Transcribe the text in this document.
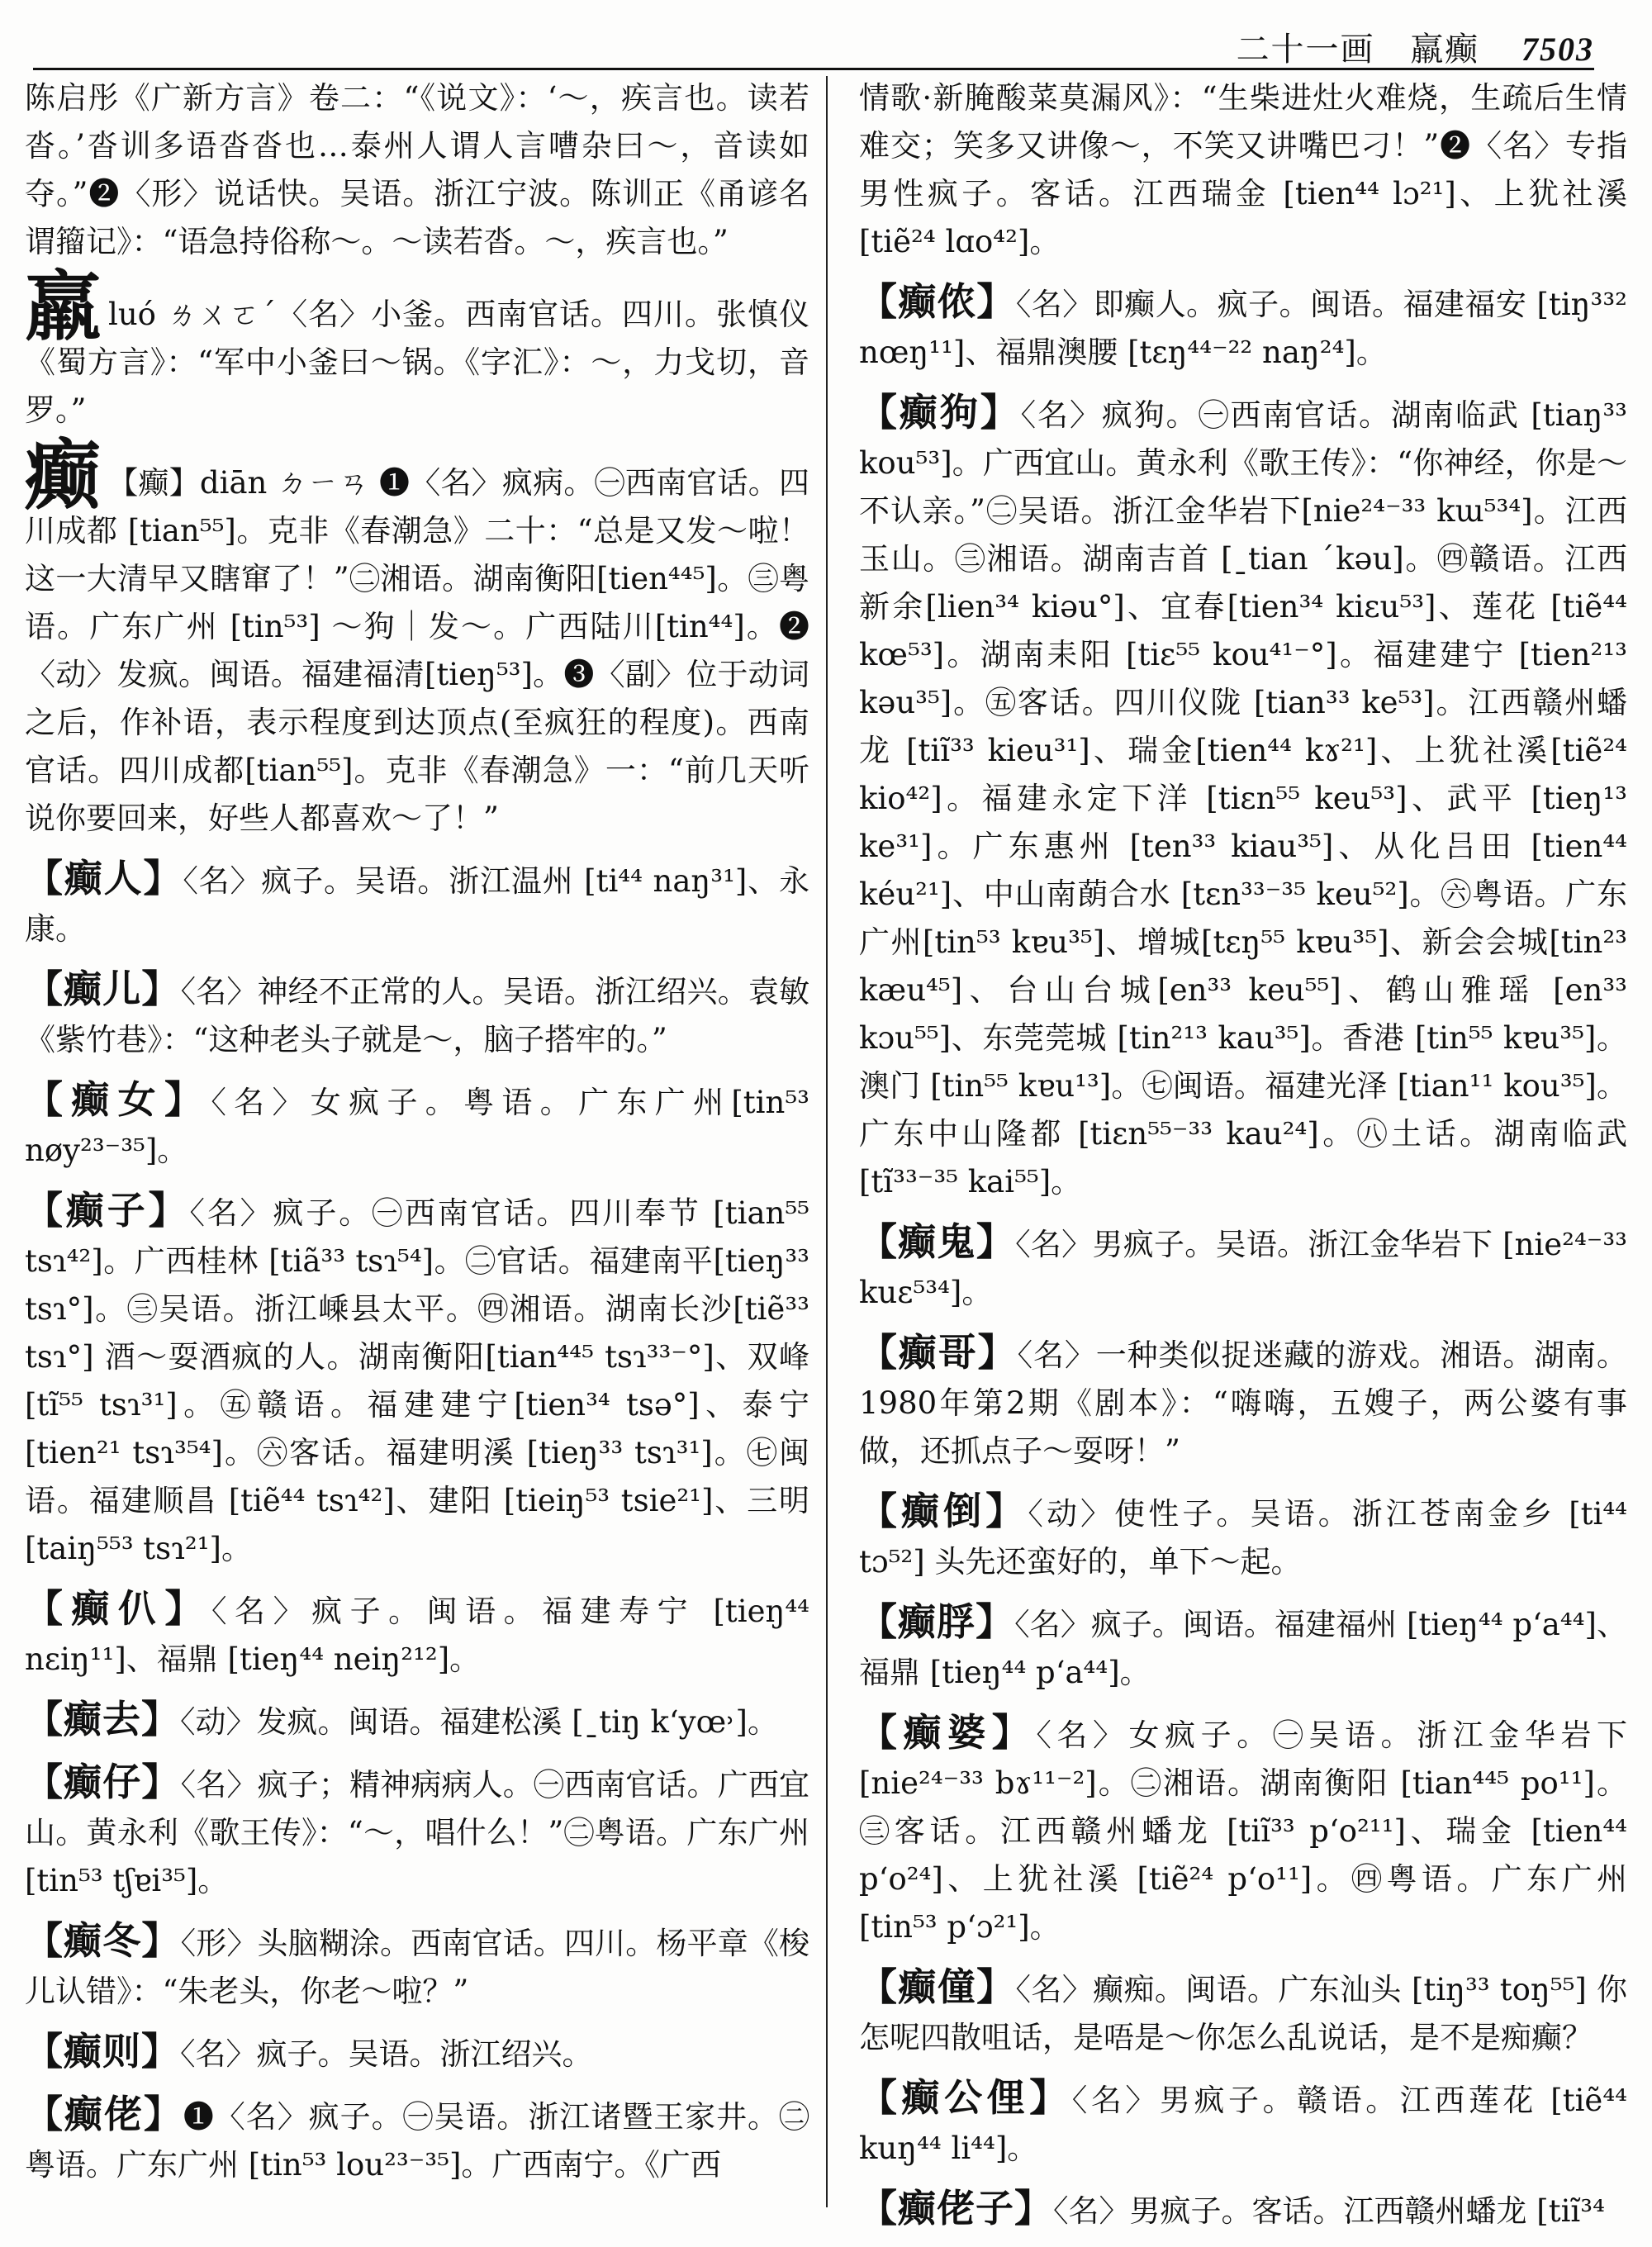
二十一画 羸癫 7503

陈启彤《广新方言》卷二：“《说文》：‘～，疾言也。读若沓。’沓训多语沓沓也…泰州人谓人言嘈杂曰～，音读如夺。”❷〈形〉说话快。吴语。浙江宁波。陈训正《甬谚名谓籀记》：“语急持俗称～。～读若沓。～，疾言也。”

羸luó ㄌㄨㄛˊ〈名〉小釜。西南官话。四川。张慎仪《蜀方言》：“军中小釜曰～锅。《字汇》：～，力戈切，音罗。”

癫 【癫】diān ㄉㄧㄢ ❶〈名〉疯病。㊀西南官话。四川成都 [tian⁵⁵]。克非《春潮急》二十：“总是又发～啦！这一大清早又瞎窜了！”㊁湘语。湖南衡阳[tien⁴⁴⁵]。㊂粤语。广东广州 [tin⁵³] ～狗｜发～。广西陆川[tin⁴⁴]。❷〈动〉发疯。闽语。福建福清[tieŋ⁵³]。❸〈副〉位于动词之后，作补语，表示程度到达顶点(至疯狂的程度)。西南官话。四川成都[tian⁵⁵]。克非《春潮急》一：“前几天听说你要回来，好些人都喜欢～了！”

【癫人】〈名〉疯子。吴语。浙江温州 [ti⁴⁴ naŋ³¹]、永康。

【癫儿】〈名〉神经不正常的人。吴语。浙江绍兴。袁敏《紫竹巷》：“这种老头子就是～，脑子搭牢的。”

【癫女】〈名〉女疯子。粤语。广东广州[tin⁵³ nøy²³⁻³⁵]。

【癫子】〈名〉疯子。㊀西南官话。四川奉节 [tian⁵⁵ tsɿ⁴²]。广西桂林 [tiã³³ tsɿ⁵⁴]。㊁官话。福建南平[tieŋ³³ tsɿ°]。㊂吴语。浙江嵊县太平。㊃湘语。湖南长沙[tiẽ³³ tsɿ°] 酒～耍酒疯的人。湖南衡阳[tian⁴⁴⁵ tsɿ³³⁻°]、双峰 [tĩ⁵⁵ tsɿ³¹]。㊄赣语。福建建宁[tien³⁴ tsə°]、泰宁 [tien²¹ tsɿ³⁵⁴]。㊅客话。福建明溪 [tieŋ³³ tsɿ³¹]。㊆闽语。福建顺昌 [tiẽ⁴⁴ tsɿ⁴²]、建阳 [tieiŋ⁵³ tsie²¹]、三明 [taiŋ⁵⁵³ tsɿ²¹]。

【癫仈】〈名〉疯子。闽语。福建寿宁 [tieŋ⁴⁴ nɛiŋ¹¹]、福鼎 [tieŋ⁴⁴ neiŋ²¹²]。

【癫去】〈动〉发疯。闽语。福建松溪 [ˍtiŋ k‘yœ˒]。

【癫仔】〈名〉疯子；精神病病人。㊀西南官话。广西宜山。黄永利《歌王传》：“～，唱什么！”㊁粤语。广东广州 [tin⁵³ tʃɐi³⁵]。

【癫冬】〈形〉头脑糊涂。西南官话。四川。杨平章《梭儿认错》：“朱老头，你老～啦？”

【癫则】〈名〉疯子。吴语。浙江绍兴。

【癫佬】❶〈名〉疯子。㊀吴语。浙江诸暨王家井。㊁粤语。广东广州 [tin⁵³ lou²³⁻³⁵]。广西南宁。《广西

情歌·新腌酸菜莫漏风》：“生柴进灶火难烧，生疏后生情难交；笑多又讲像～，不笑又讲嘴巴刁！”❷〈名〉专指男性疯子。客话。江西瑞金 [tien⁴⁴ lɔ²¹]、上犹社溪 [tiẽ²⁴ lɑo⁴²]。

【癫侬】〈名〉即癫人。疯子。闽语。福建福安 [tiŋ³³² nœŋ¹¹]、福鼎澳腰 [tɛŋ⁴⁴⁻²² naŋ²⁴]。

【癫狗】〈名〉疯狗。㊀西南官话。湖南临武 [tiaŋ³³ kou⁵³]。广西宜山。黄永利《歌王传》：“你神经，你是～不认亲。”㊁吴语。浙江金华岩下[nie²⁴⁻³³ kɯ⁵³⁴]。江西玉山。㊂湘语。湖南吉首 [ˍtian ˊkəu]。㊃赣语。江西新余[lien³⁴ kiəu°]、宜春[tien³⁴ kiɛu⁵³]、莲花 [tiẽ⁴⁴ kœ⁵³]。湖南耒阳 [tiɛ⁵⁵ kou⁴¹⁻°]。福建建宁 [tien²¹³ kəu³⁵]。㊄客话。四川仪陇 [tian³³ ke⁵³]。江西赣州蟠龙 [tiĩ³³ kieu³¹]、瑞金[tien⁴⁴ kɤ²¹]、上犹社溪[tiẽ²⁴ kio⁴²]。福建永定下洋 [tiɛn⁵⁵ keu⁵³]、武平 [tieŋ¹³ ke³¹]。广东惠州 [ten³³ kiau³⁵]、从化吕田 [tien⁴⁴ kéu²¹]、中山南蓢合水 [tɛn³³⁻³⁵ keu⁵²]。㊅粤语。广东广州[tin⁵³ kɐu³⁵]、增城[tɛŋ⁵⁵ kɐu³⁵]、新会会城[tin²³ kæu⁴⁵]、台山台城[en³³ keu⁵⁵]、鹤山雅瑶 [en³³ kɔu⁵⁵]、东莞莞城 [tin²¹³ kau³⁵]。香港 [tin⁵⁵ kɐu³⁵]。澳门 [tin⁵⁵ kɐu¹³]。㊆闽语。福建光泽 [tian¹¹ kou³⁵]。广东中山隆都 [tiɛn⁵⁵⁻³³ kau²⁴]。㊇土话。湖南临武[tĩ³³⁻³⁵ kai⁵⁵]。

【癫鬼】〈名〉男疯子。吴语。浙江金华岩下 [nie²⁴⁻³³ kuɛ⁵³⁴]。

【癫哥】〈名〉一种类似捉迷藏的游戏。湘语。湖南。1980年第2期《剧本》：“嗨嗨，五嫂子，两公婆有事做，还抓点子～耍呀！”

【癫倒】〈动〉使性子。吴语。浙江苍南金乡 [ti⁴⁴ tɔ⁵²] 头先还蛮好的，单下～起。

【癫脬】〈名〉疯子。闽语。福建福州 [tieŋ⁴⁴ p‘a⁴⁴]、福鼎 [tieŋ⁴⁴ p‘a⁴⁴]。

【癫婆】〈名〉女疯子。㊀吴语。浙江金华岩下[nie²⁴⁻³³ bɤ¹¹⁻²]。㊁湘语。湖南衡阳 [tian⁴⁴⁵ po¹¹]。㊂客话。江西赣州蟠龙 [tiĩ³³ p‘o²¹¹]、瑞金 [tien⁴⁴ p‘o²⁴]、上犹社溪 [tiẽ²⁴ p‘o¹¹]。㊃粤语。广东广州 [tin⁵³ p‘ɔ²¹]。

【癫僮】〈名〉癫痴。闽语。广东汕头 [tiŋ³³ toŋ⁵⁵] 你怎呢四散咀话，是唔是～你怎么乱说话，是不是痴癫？

【癫公俚】〈名〉男疯子。赣语。江西莲花 [tiẽ⁴⁴ kuŋ⁴⁴ li⁴⁴]。

【癫佬子】〈名〉男疯子。客话。江西赣州蟠龙 [tiĩ³⁴
